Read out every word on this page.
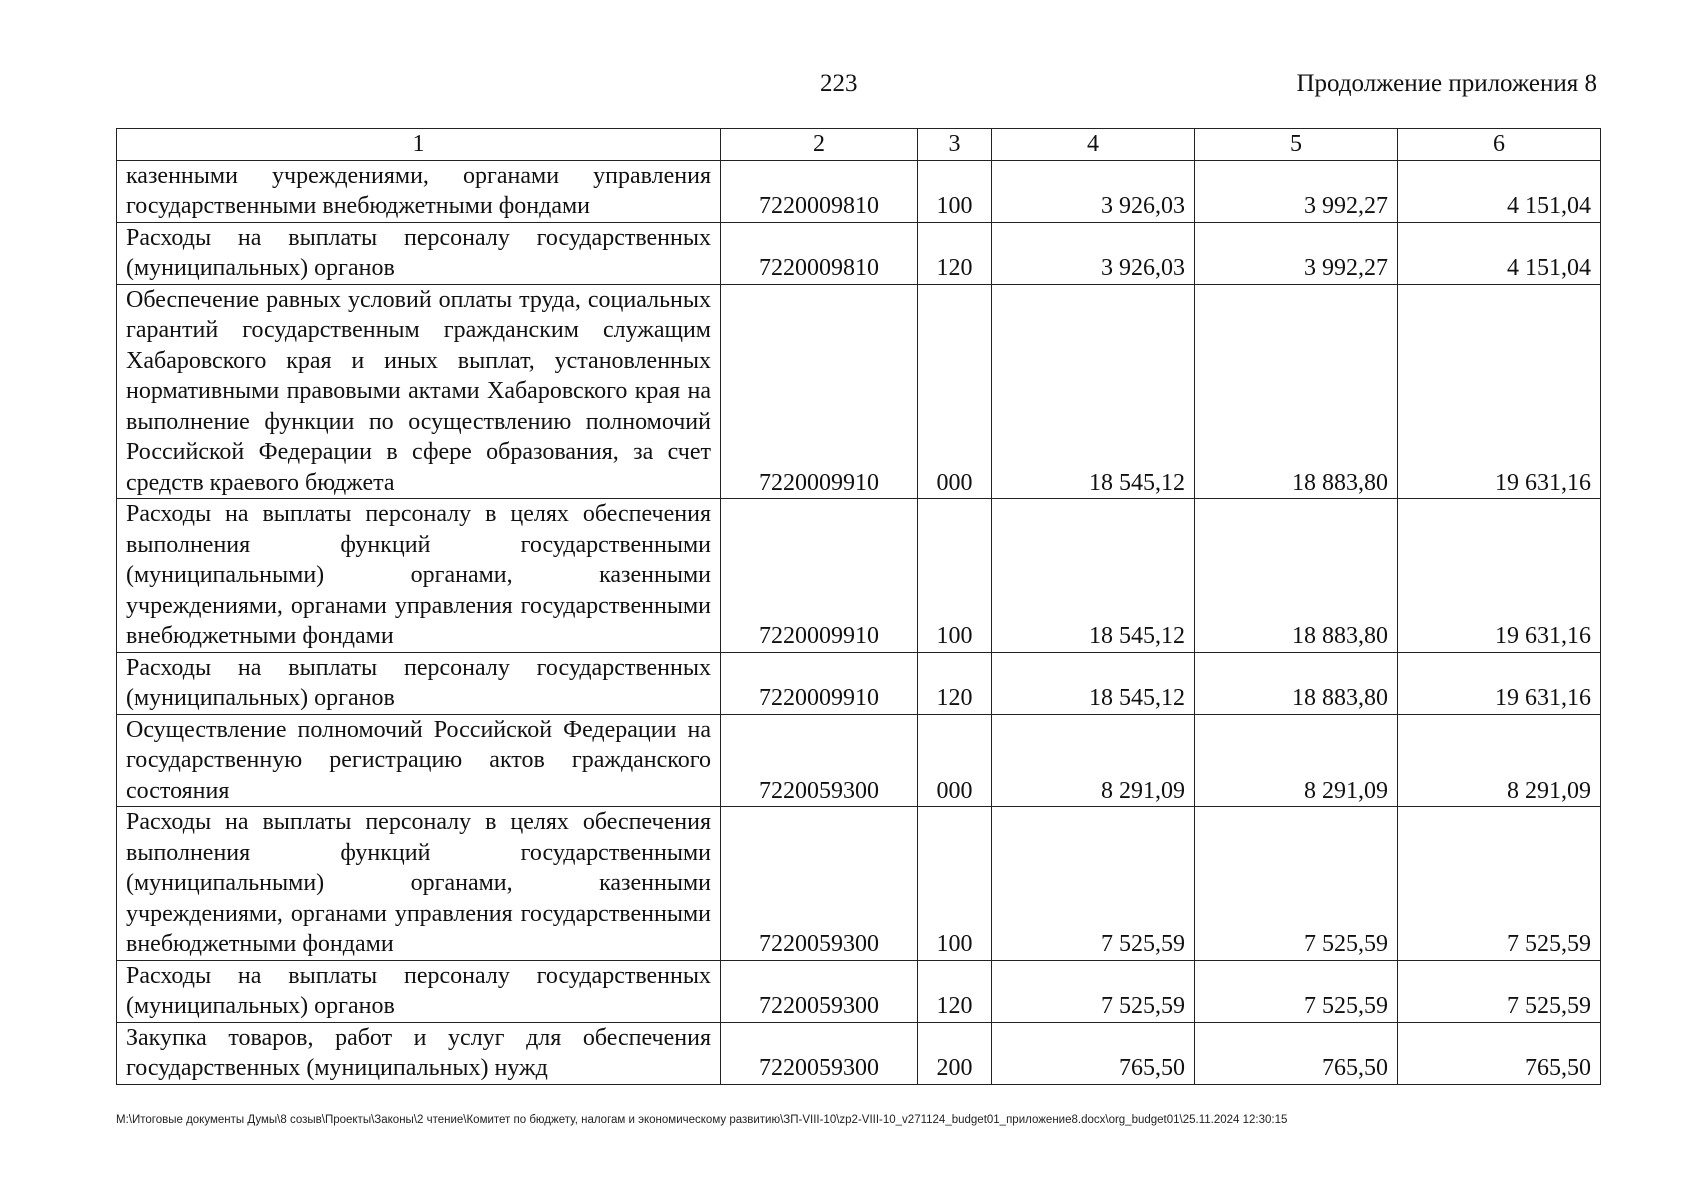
223	Продолжение приложения 8
1	2	3	4	5	6
казенными учреждениями, органами управления государственными внебюджетными фондами	7220009810	100	3 926,03	3 992,27	4 151,04
Расходы на выплаты персоналу государственных (муниципальных) органов	7220009810	120	3 926,03	3 992,27	4 151,04
Обеспечение равных условий оплаты труда, социальных гарантий государственным гражданским служащим Хабаровского края и иных выплат, установленных нормативными правовыми актами Хабаровского края на выполнение функции по осуществлению полномочий Российской Федерации в сфере образования, за счет средств краевого бюджета	7220009910	000	18 545,12	18 883,80	19 631,16
Расходы на выплаты персоналу в целях обеспечения выполнения функций государственными (муниципальными) органами, казенными учреждениями, органами управления государственными внебюджетными фондами	7220009910	100	18 545,12	18 883,80	19 631,16
Расходы на выплаты персоналу государственных (муниципальных) органов	7220009910	120	18 545,12	18 883,80	19 631,16
Осуществление полномочий Российской Федерации на государственную регистрацию актов гражданского состояния	7220059300	000	8 291,09	8 291,09	8 291,09
Расходы на выплаты персоналу в целях обеспечения выполнения функций государственными (муниципальными) органами, казенными учреждениями, органами управления государственными внебюджетными фондами	7220059300	100	7 525,59	7 525,59	7 525,59
Расходы на выплаты персоналу государственных (муниципальных) органов	7220059300	120	7 525,59	7 525,59	7 525,59
Закупка товаров, работ и услуг для обеспечения государственных (муниципальных) нужд	7220059300	200	765,50	765,50	765,50
M:\Итоговые документы Думы\8 созыв\Проекты\Законы\2 чтение\Комитет по бюджету, налогам и экономическому развитию\ЗП-VIII-10\zp2-VIII-10_v271124_budget01_приложение8.docx\org_budget01\25.11.2024 12:30:15
